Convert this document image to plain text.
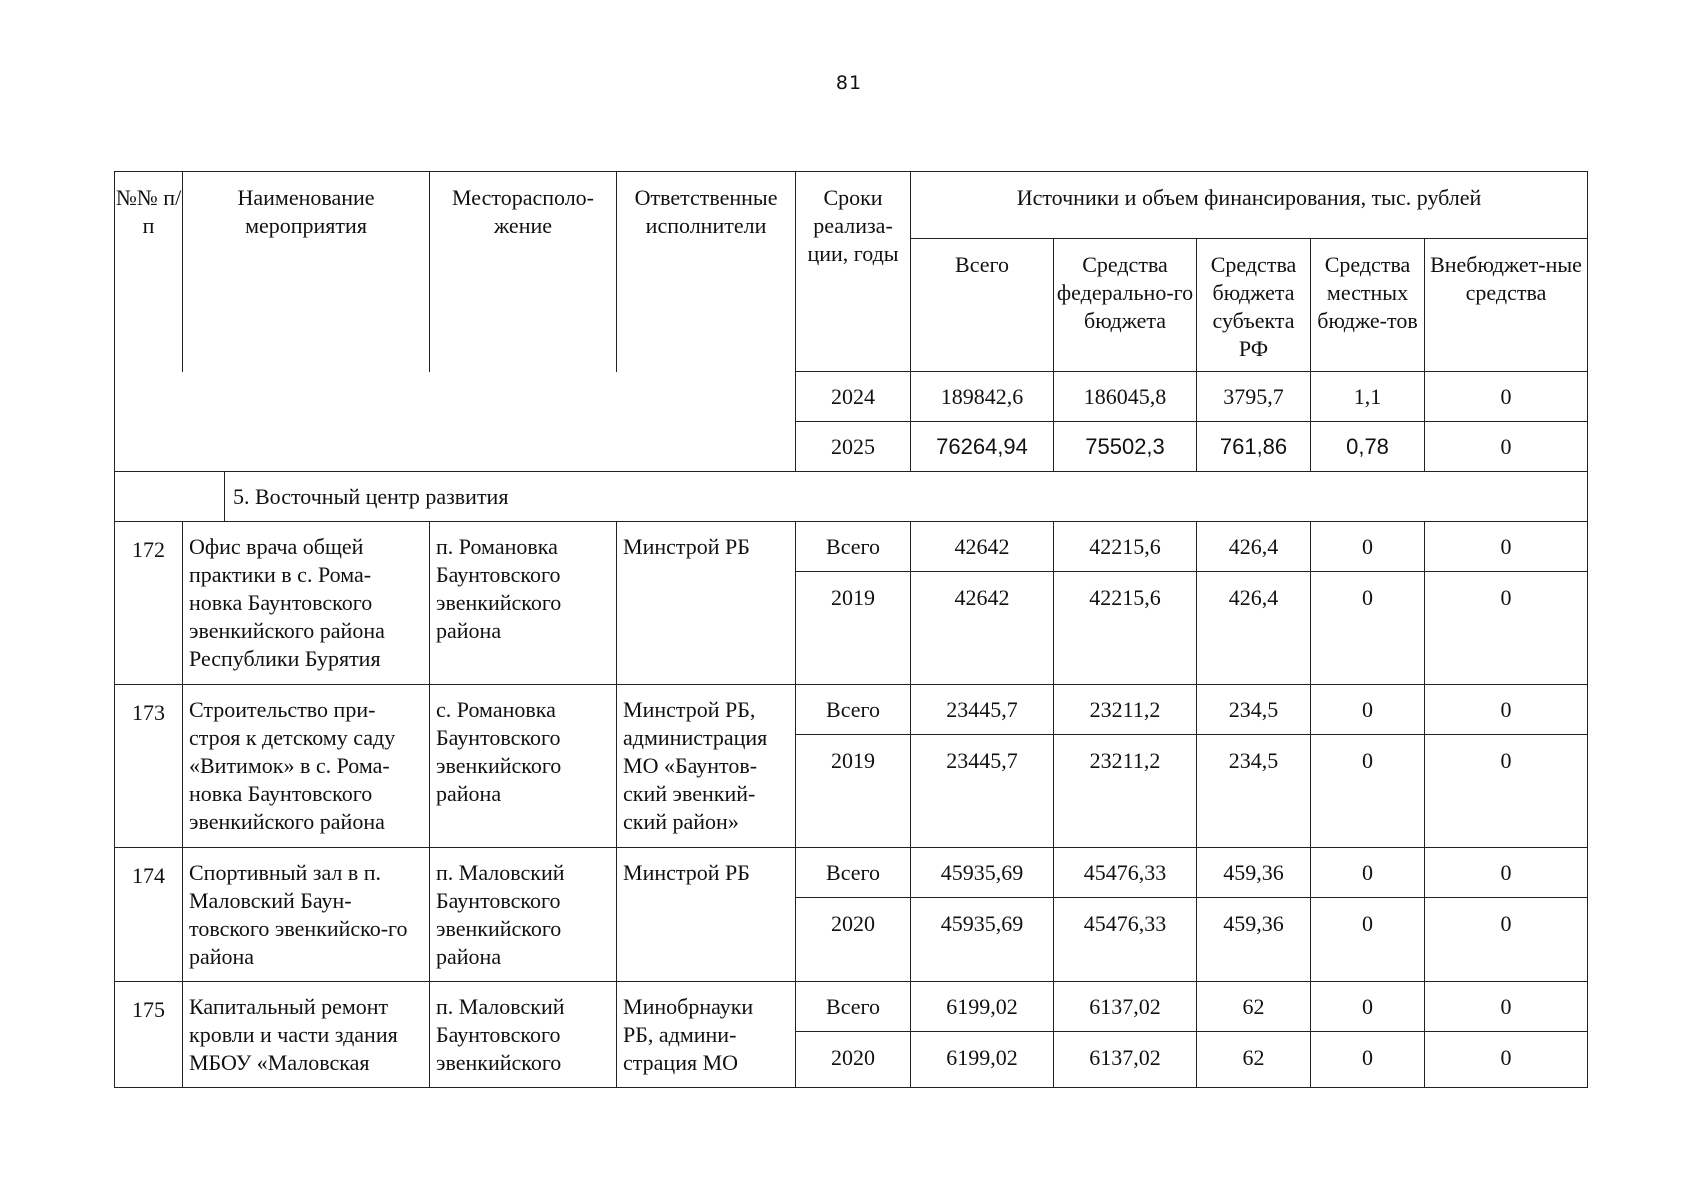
81
№№ п/п	Наименование мероприятия		Месторасполо-жение	Ответственные исполнители	Сроки реализа-ции, годы	Источники и объем финансирования, тыс. рублей				
						Всего	Средства федерально-го бюджета	Средства бюджета субъекта РФ	Средства местных бюдже-тов	Внебюджет-ные средства
					2024	189842,6	186045,8	3795,7	1,1	0
					2025	76264,94	75502,3	761,86	0,78	0
		5. Восточный центр развития								
172	Офис врача общей практики в с. Рома-новка Баунтовского эвенкийского района Республики Бурятия		п. Романовка Баунтовского эвенкийского района	Минстрой РБ	Всего	42642	42215,6	426,4	0	0
					2019	42642	42215,6	426,4	0	0
173	Строительство при-строя к детскому саду «Витимок» в с. Рома-новка Баунтовского эвенкийского района		с. Романовка Баунтовского эвенкийского района	Минстрой РБ, администрация МО «Баунтов-ский эвенкий-ский район»	Всего	23445,7	23211,2	234,5	0	0
					2019	23445,7	23211,2	234,5	0	0
174	Спортивный зал в п. Маловский Баун-товского эвенкийско-го района		п. Маловский Баунтовского эвенкийского района	Минстрой РБ	Всего	45935,69	45476,33	459,36	0	0
					2020	45935,69	45476,33	459,36	0	0
175	Капитальный ремонт кровли и части здания МБОУ «Маловская		п. Маловский Баунтовского эвенкийского	Минобрнауки РБ, админи-страция МО	Всего	6199,02	6137,02	62	0	0
					2020	6199,02	6137,02	62	0	0
